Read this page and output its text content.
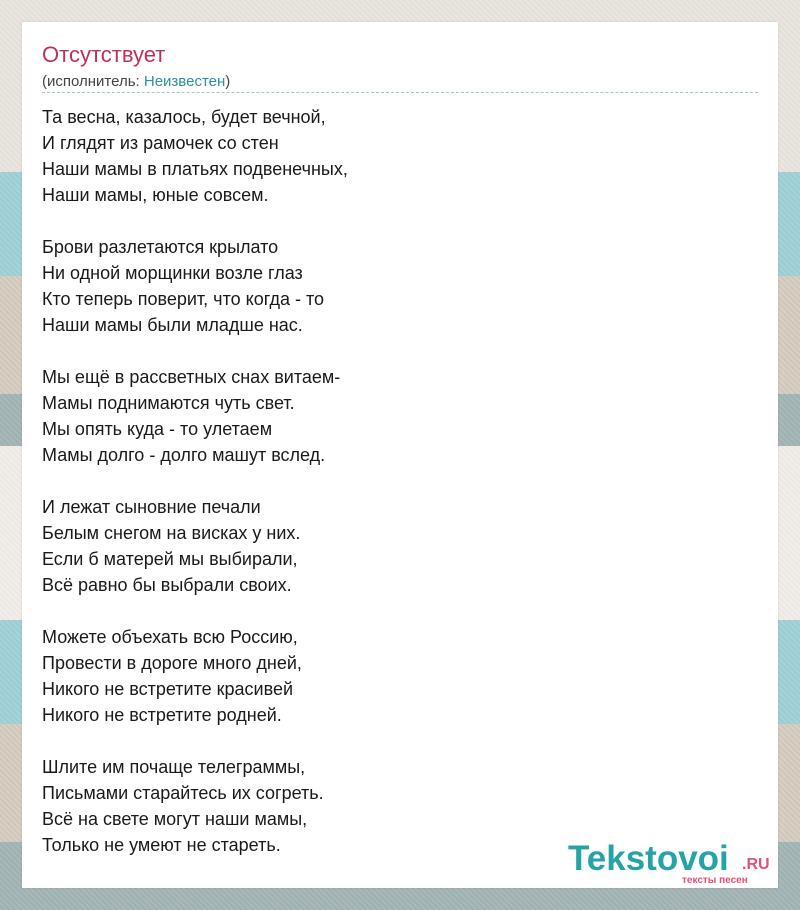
Отсутствует
(исполнитель: Неизвестен)
Та весна, казалось, будет вечной,
И глядят из рамочек со стен
Наши мамы в платьях подвенечных,
Наши мамы, юные совсем.
Брови разлетаются крылато
Ни одной морщинки возле глаз
Кто теперь поверит, что когда - то
Наши мамы были младше нас.
Мы ещё в рассветных снах витаем-
Мамы поднимаются чуть свет.
Мы опять куда - то улетаем
Мамы долго - долго машут вслед.
И лежат сыновние печали
Белым снегом на висках у них.
Если б матерей мы выбирали,
Всё равно бы выбрали своих.
Можете объехать всю Россию,
Провести в дороге много дней,
Никого не встретите красивей
Никого не встретите родней.
Шлите им почаще телеграммы,
Письмами старайтесь их согреть.
Всё на свете могут наши мамы,
Только не умеют не стареть.	Tekstovoi .RU
тексты песен
